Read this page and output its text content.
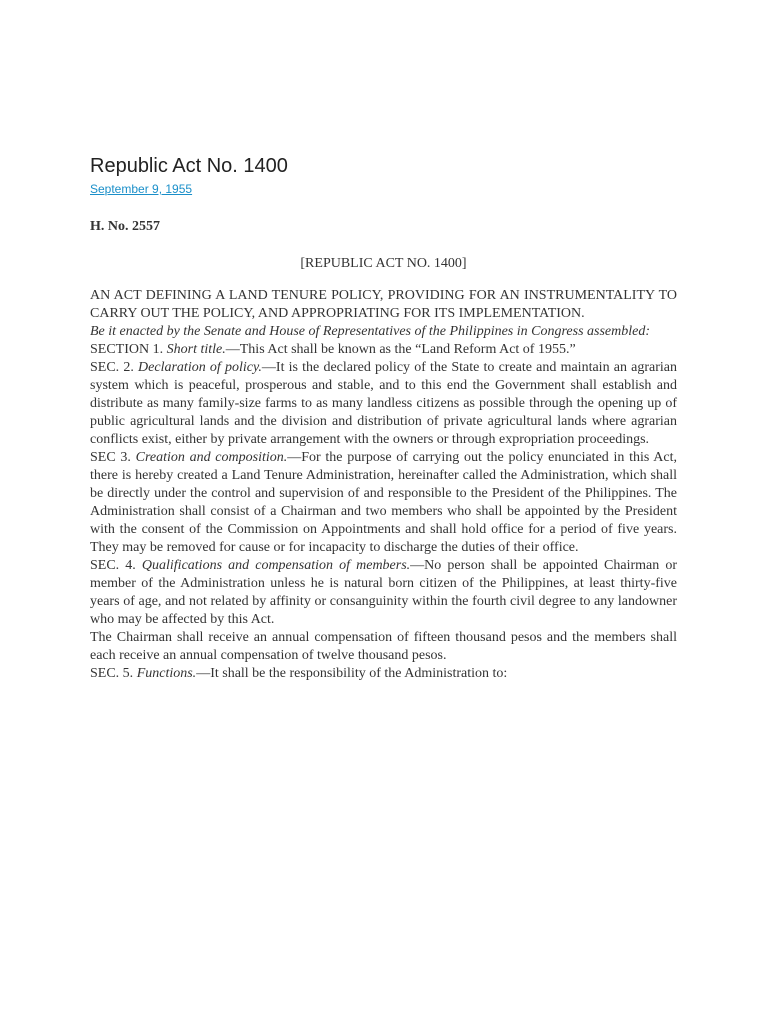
Republic Act No. 1400
September 9, 1955

H. No. 2557

[REPUBLIC ACT NO. 1400]

AN ACT DEFINING A LAND TENURE POLICY, PROVIDING FOR AN INSTRUMENTALITY TO CARRY OUT THE POLICY, AND APPROPRIATING FOR ITS IMPLEMENTATION.

Be it enacted by the Senate and House of Representatives of the Philippines in Congress assembled:

SECTION 1. Short title.—This Act shall be known as the “Land Reform Act of 1955.”

SEC. 2. Declaration of policy.—It is the declared policy of the State to create and maintain an agrarian system which is peaceful, prosperous and stable, and to this end the Government shall establish and distribute as many family-size farms to as many landless citizens as possible through the opening up of public agricultural lands and the division and distribution of private agricultural lands where agrarian conflicts exist, either by private arrangement with the owners or through expropriation proceedings.

SEC 3. Creation and composition.—For the purpose of carrying out the policy enunciated in this Act, there is hereby created a Land Tenure Administration, hereinafter called the Administration, which shall be directly under the control and supervision of and responsible to the President of the Philippines. The Administration shall consist of a Chairman and two members who shall be appointed by the President with the consent of the Commission on Appointments and shall hold office for a period of five years. They may be removed for cause or for incapacity to discharge the duties of their office.

SEC. 4. Qualifications and compensation of members.—No person shall be appointed Chairman or member of the Administration unless he is natural born citizen of the Philippines, at least thirty-five years of age, and not related by affinity or consanguinity within the fourth civil degree to any landowner who may be affected by this Act.

The Chairman shall receive an annual compensation of fifteen thousand pesos and the members shall each receive an annual compensation of twelve thousand pesos.

SEC. 5. Functions.—It shall be the responsibility of the Administration to:
